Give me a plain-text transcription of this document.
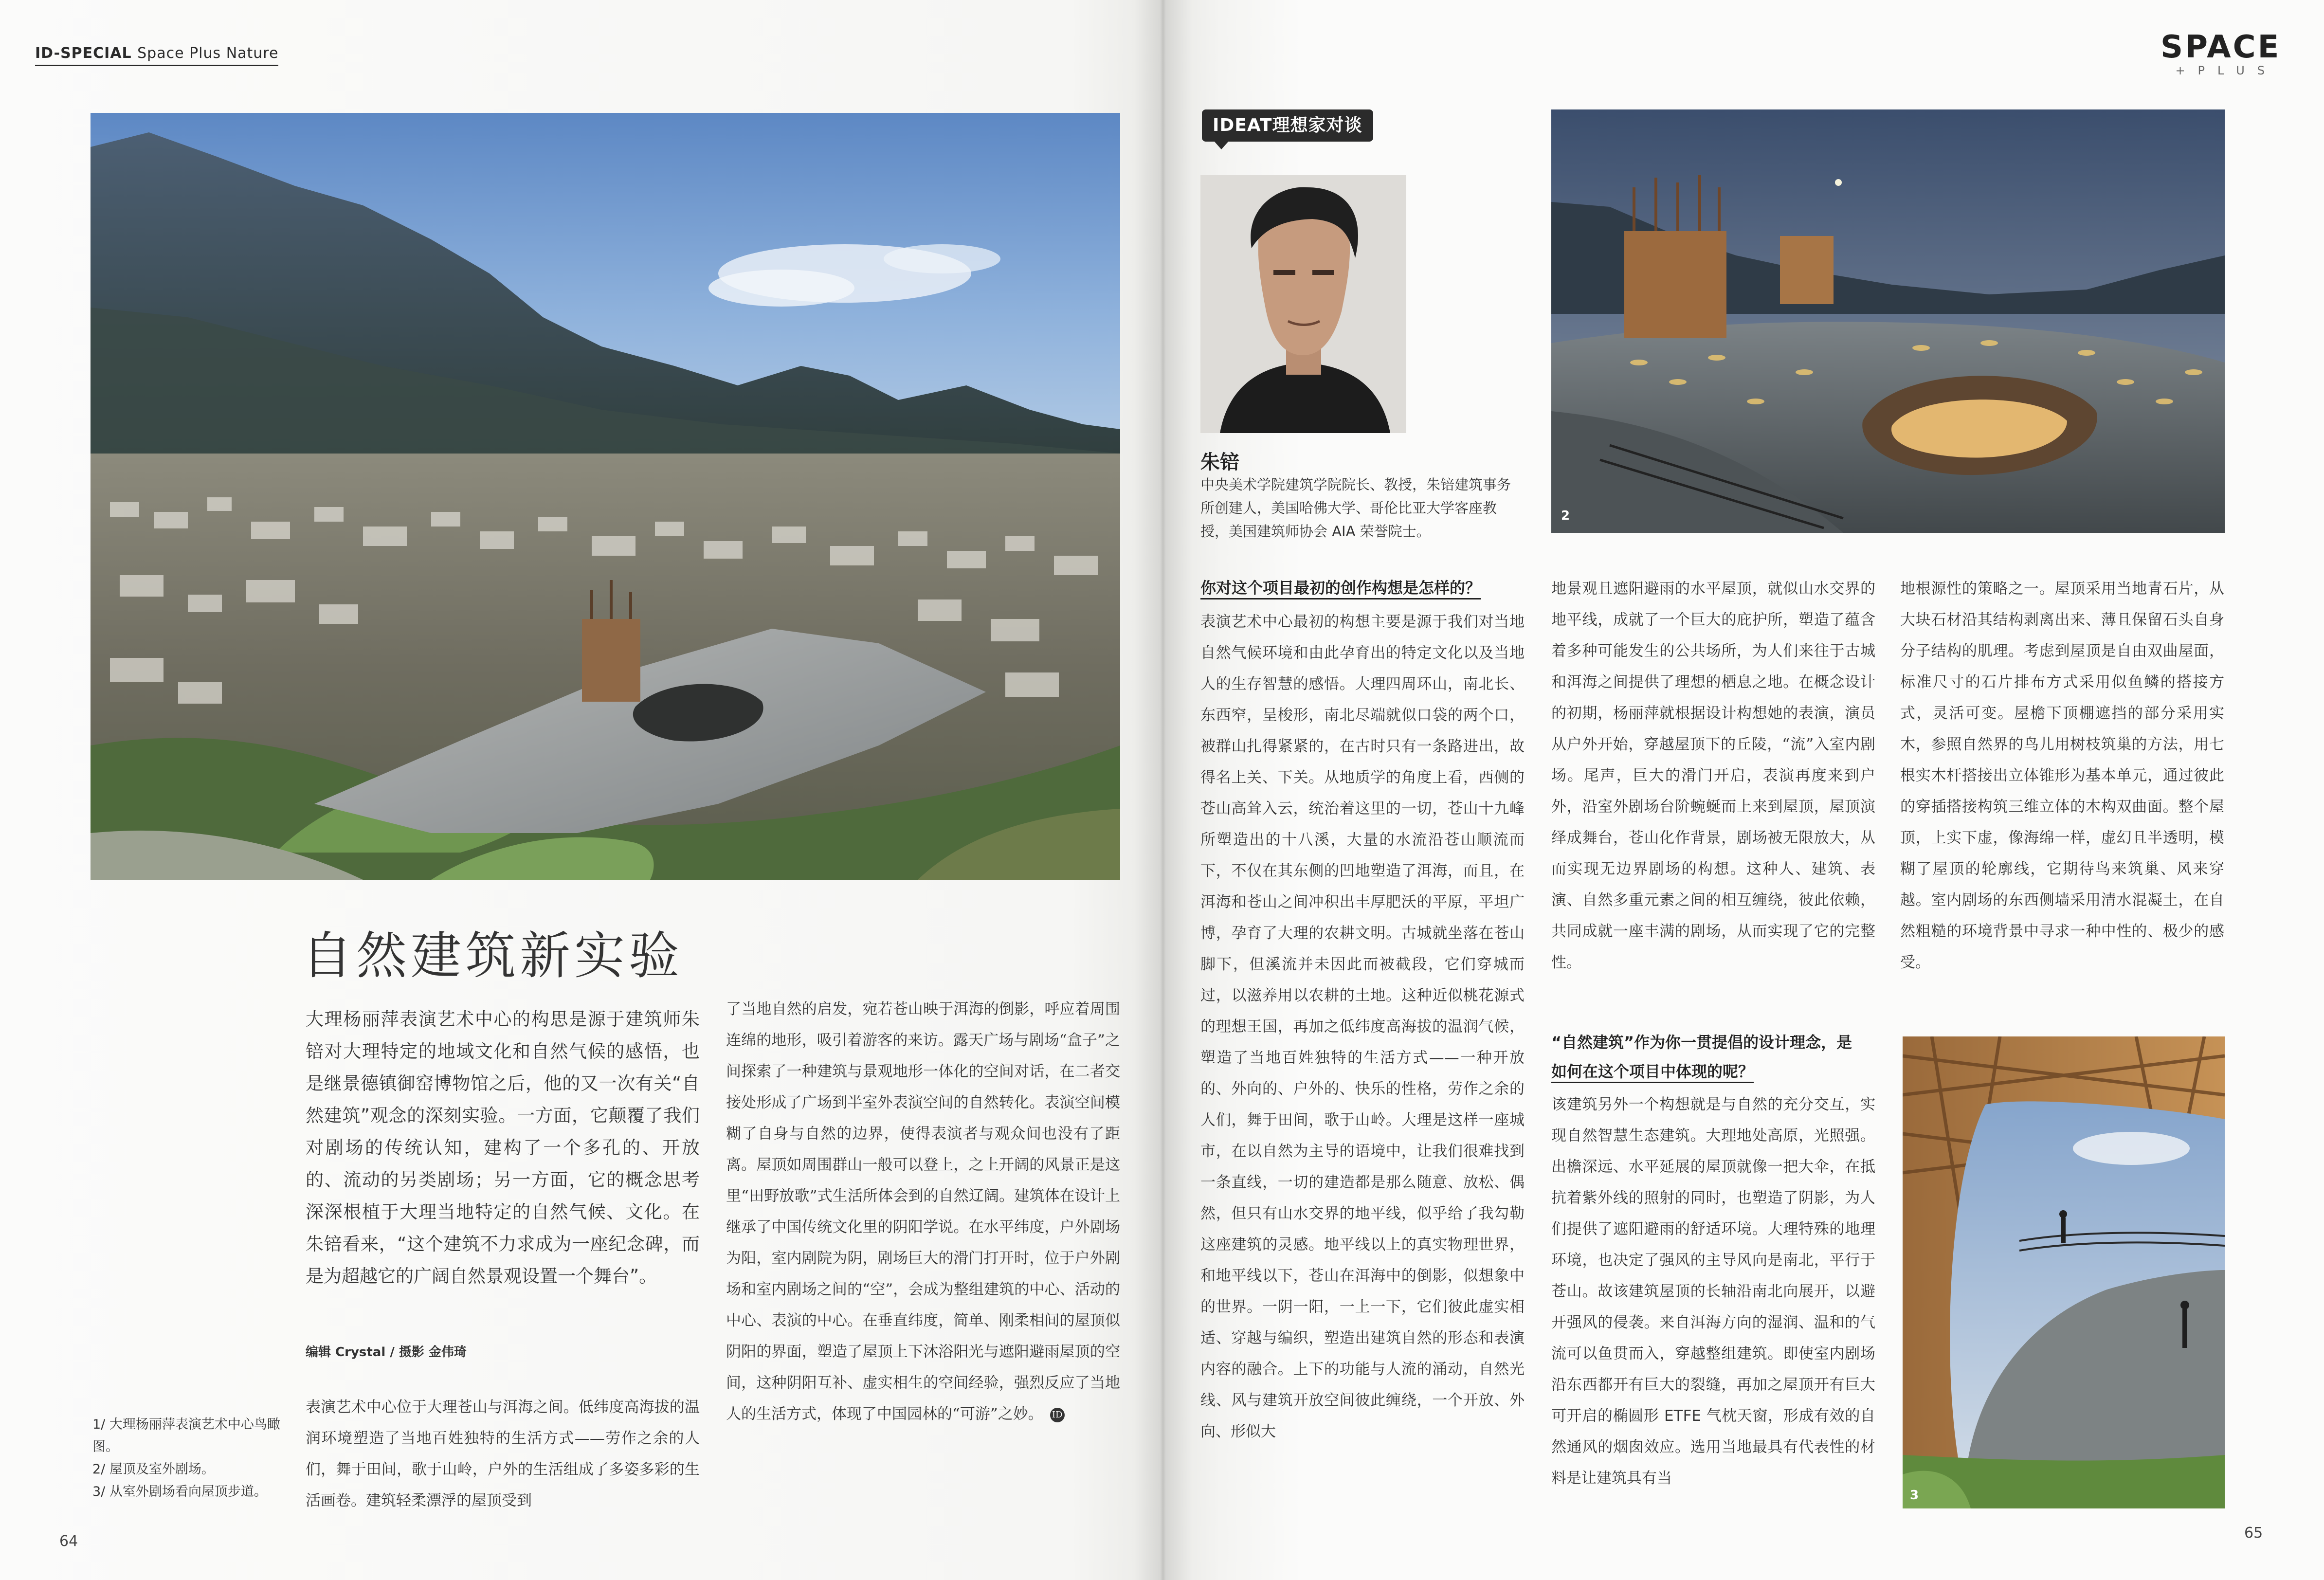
ID-SPECIAL Space Plus Nature
自然建筑新实验
大理杨丽萍表演艺术中心的构思是源于建筑师朱锫对大理特定的地域文化和自然气候的感悟，也是继景德镇御窑博物馆之后，他的又一次有关“自然建筑”观念的深刻实验。一方面，它颠覆了我们对剧场的传统认知，建构了一个多孔的、开放的、流动的另类剧场；另一方面，它的概念思考深深根植于大理当地特定的自然气候、文化。在朱锫看来，“这个建筑不力求成为一座纪念碑，而是为超越它的广阔自然景观设置一个舞台”。
编辑 Crystal / 摄影 金伟琦
表演艺术中心位于大理苍山与洱海之间。低纬度高海拔的温润环境塑造了当地百姓独特的生活方式——劳作之余的人们，舞于田间，歌于山岭，户外的生活组成了多姿多彩的生活画卷。建筑轻柔漂浮的屋顶受到
了当地自然的启发，宛若苍山映于洱海的倒影，呼应着周围连绵的地形，吸引着游客的来访。露天广场与剧场“盒子”之间探索了一种建筑与景观地形一体化的空间对话，在二者交接处形成了广场到半室外表演空间的自然转化。表演空间模糊了自身与自然的边界，使得表演者与观众间也没有了距离。屋顶如周围群山一般可以登上，之上开阔的风景正是这里“田野放歌”式生活所体会到的自然辽阔。建筑体在设计上继承了中国传统文化里的阴阳学说。在水平纬度，户外剧场为阳，室内剧院为阴，剧场巨大的滑门打开时，位于户外剧场和室内剧场之间的“空”，会成为整组建筑的中心、活动的中心、表演的中心。在垂直纬度，简单、刚柔相间的屋顶似阴阳的界面，塑造了屋顶上下沐浴阳光与遮阳避雨屋顶的空间，这种阴阳互补、虚实相生的空间经验，强烈反应了当地人的生活方式，体现了中国园林的“可游”之妙。 ID
1/ 大理杨丽萍表演艺术中心鸟瞰图。
2/ 屋顶及室外剧场。
3/ 从室外剧场看向屋顶步道。
64
SPACE
+PLUS
IDEAT理想家对谈
朱锫
中央美术学院建筑学院院长、教授，朱锫建筑事务所创建人，美国哈佛大学、哥伦比亚大学客座教授，美国建筑师协会 AIA 荣誉院士。
2
你对这个项目最初的创作构想是怎样的？
表演艺术中心最初的构想主要是源于我们对当地自然气候环境和由此孕育出的特定文化以及当地人的生存智慧的感悟。大理四周环山，南北长、东西窄，呈梭形，南北尽端就似口袋的两个口，被群山扎得紧紧的，在古时只有一条路进出，故得名上关、下关。从地质学的角度上看，西侧的苍山高耸入云，统治着这里的一切，苍山十九峰所塑造出的十八溪，大量的水流沿苍山顺流而下，不仅在其东侧的凹地塑造了洱海，而且，在洱海和苍山之间冲积出丰厚肥沃的平原，平坦广博，孕育了大理的农耕文明。古城就坐落在苍山脚下，但溪流并未因此而被截段，它们穿城而过，以滋养用以农耕的土地。这种近似桃花源式的理想王国，再加之低纬度高海拔的温润气候，塑造了当地百姓独特的生活方式——一种开放的、外向的、户外的、快乐的性格，劳作之余的人们，舞于田间，歌于山岭。大理是这样一座城市，在以自然为主导的语境中，让我们很难找到一条直线，一切的建造都是那么随意、放松、偶然，但只有山水交界的地平线，似乎给了我勾勒这座建筑的灵感。地平线以上的真实物理世界，和地平线以下，苍山在洱海中的倒影，似想象中的世界。一阴一阳，一上一下，它们彼此虚实相适、穿越与编织，塑造出建筑自然的形态和表演内容的融合。上下的功能与人流的涌动，自然光线、风与建筑开放空间彼此缠绕，一个开放、外向、形似大
地景观且遮阳避雨的水平屋顶，就似山水交界的地平线，成就了一个巨大的庇护所，塑造了蕴含着多种可能发生的公共场所，为人们来往于古城和洱海之间提供了理想的栖息之地。在概念设计的初期，杨丽萍就根据设计构想她的表演，演员从户外开始，穿越屋顶下的丘陵，“流”入室内剧场。尾声，巨大的滑门开启，表演再度来到户外，沿室外剧场台阶蜿蜒而上来到屋顶，屋顶演绎成舞台，苍山化作背景，剧场被无限放大，从而实现无边界剧场的构想。这种人、建筑、表演、自然多重元素之间的相互缠绕，彼此依赖，共同成就一座丰满的剧场，从而实现了它的完整性。
“自然建筑”作为你一贯提倡的设计理念，是
如何在这个项目中体现的呢？
该建筑另外一个构想就是与自然的充分交互，实现自然智慧生态建筑。大理地处高原，光照强。出檐深远、水平延展的屋顶就像一把大伞，在抵抗着紫外线的照射的同时，也塑造了阴影，为人们提供了遮阳避雨的舒适环境。大理特殊的地理环境，也决定了强风的主导风向是南北，平行于苍山。故该建筑屋顶的长轴沿南北向展开，以避开强风的侵袭。来自洱海方向的湿润、温和的气流可以鱼贯而入，穿越整组建筑。即使室内剧场沿东西都开有巨大的裂缝，再加之屋顶开有巨大可开启的椭圆形 ETFE 气枕天窗，形成有效的自然通风的烟囱效应。选用当地最具有代表性的材料是让建筑具有当
地根源性的策略之一。屋顶采用当地青石片，从大块石材沿其结构剥离出来、薄且保留石头自身分子结构的肌理。考虑到屋顶是自由双曲屋面，标准尺寸的石片排布方式采用似鱼鳞的搭接方式，灵活可变。屋檐下顶棚遮挡的部分采用实木，参照自然界的鸟儿用树枝筑巢的方法，用七根实木杆搭接出立体锥形为基本单元，通过彼此的穿插搭接构筑三维立体的木构双曲面。整个屋顶，上实下虚，像海绵一样，虚幻且半透明，模糊了屋顶的轮廓线，它期待鸟来筑巢、风来穿越。室内剧场的东西侧墙采用清水混凝土，在自然粗糙的环境背景中寻求一种中性的、极少的感受。
3
65
